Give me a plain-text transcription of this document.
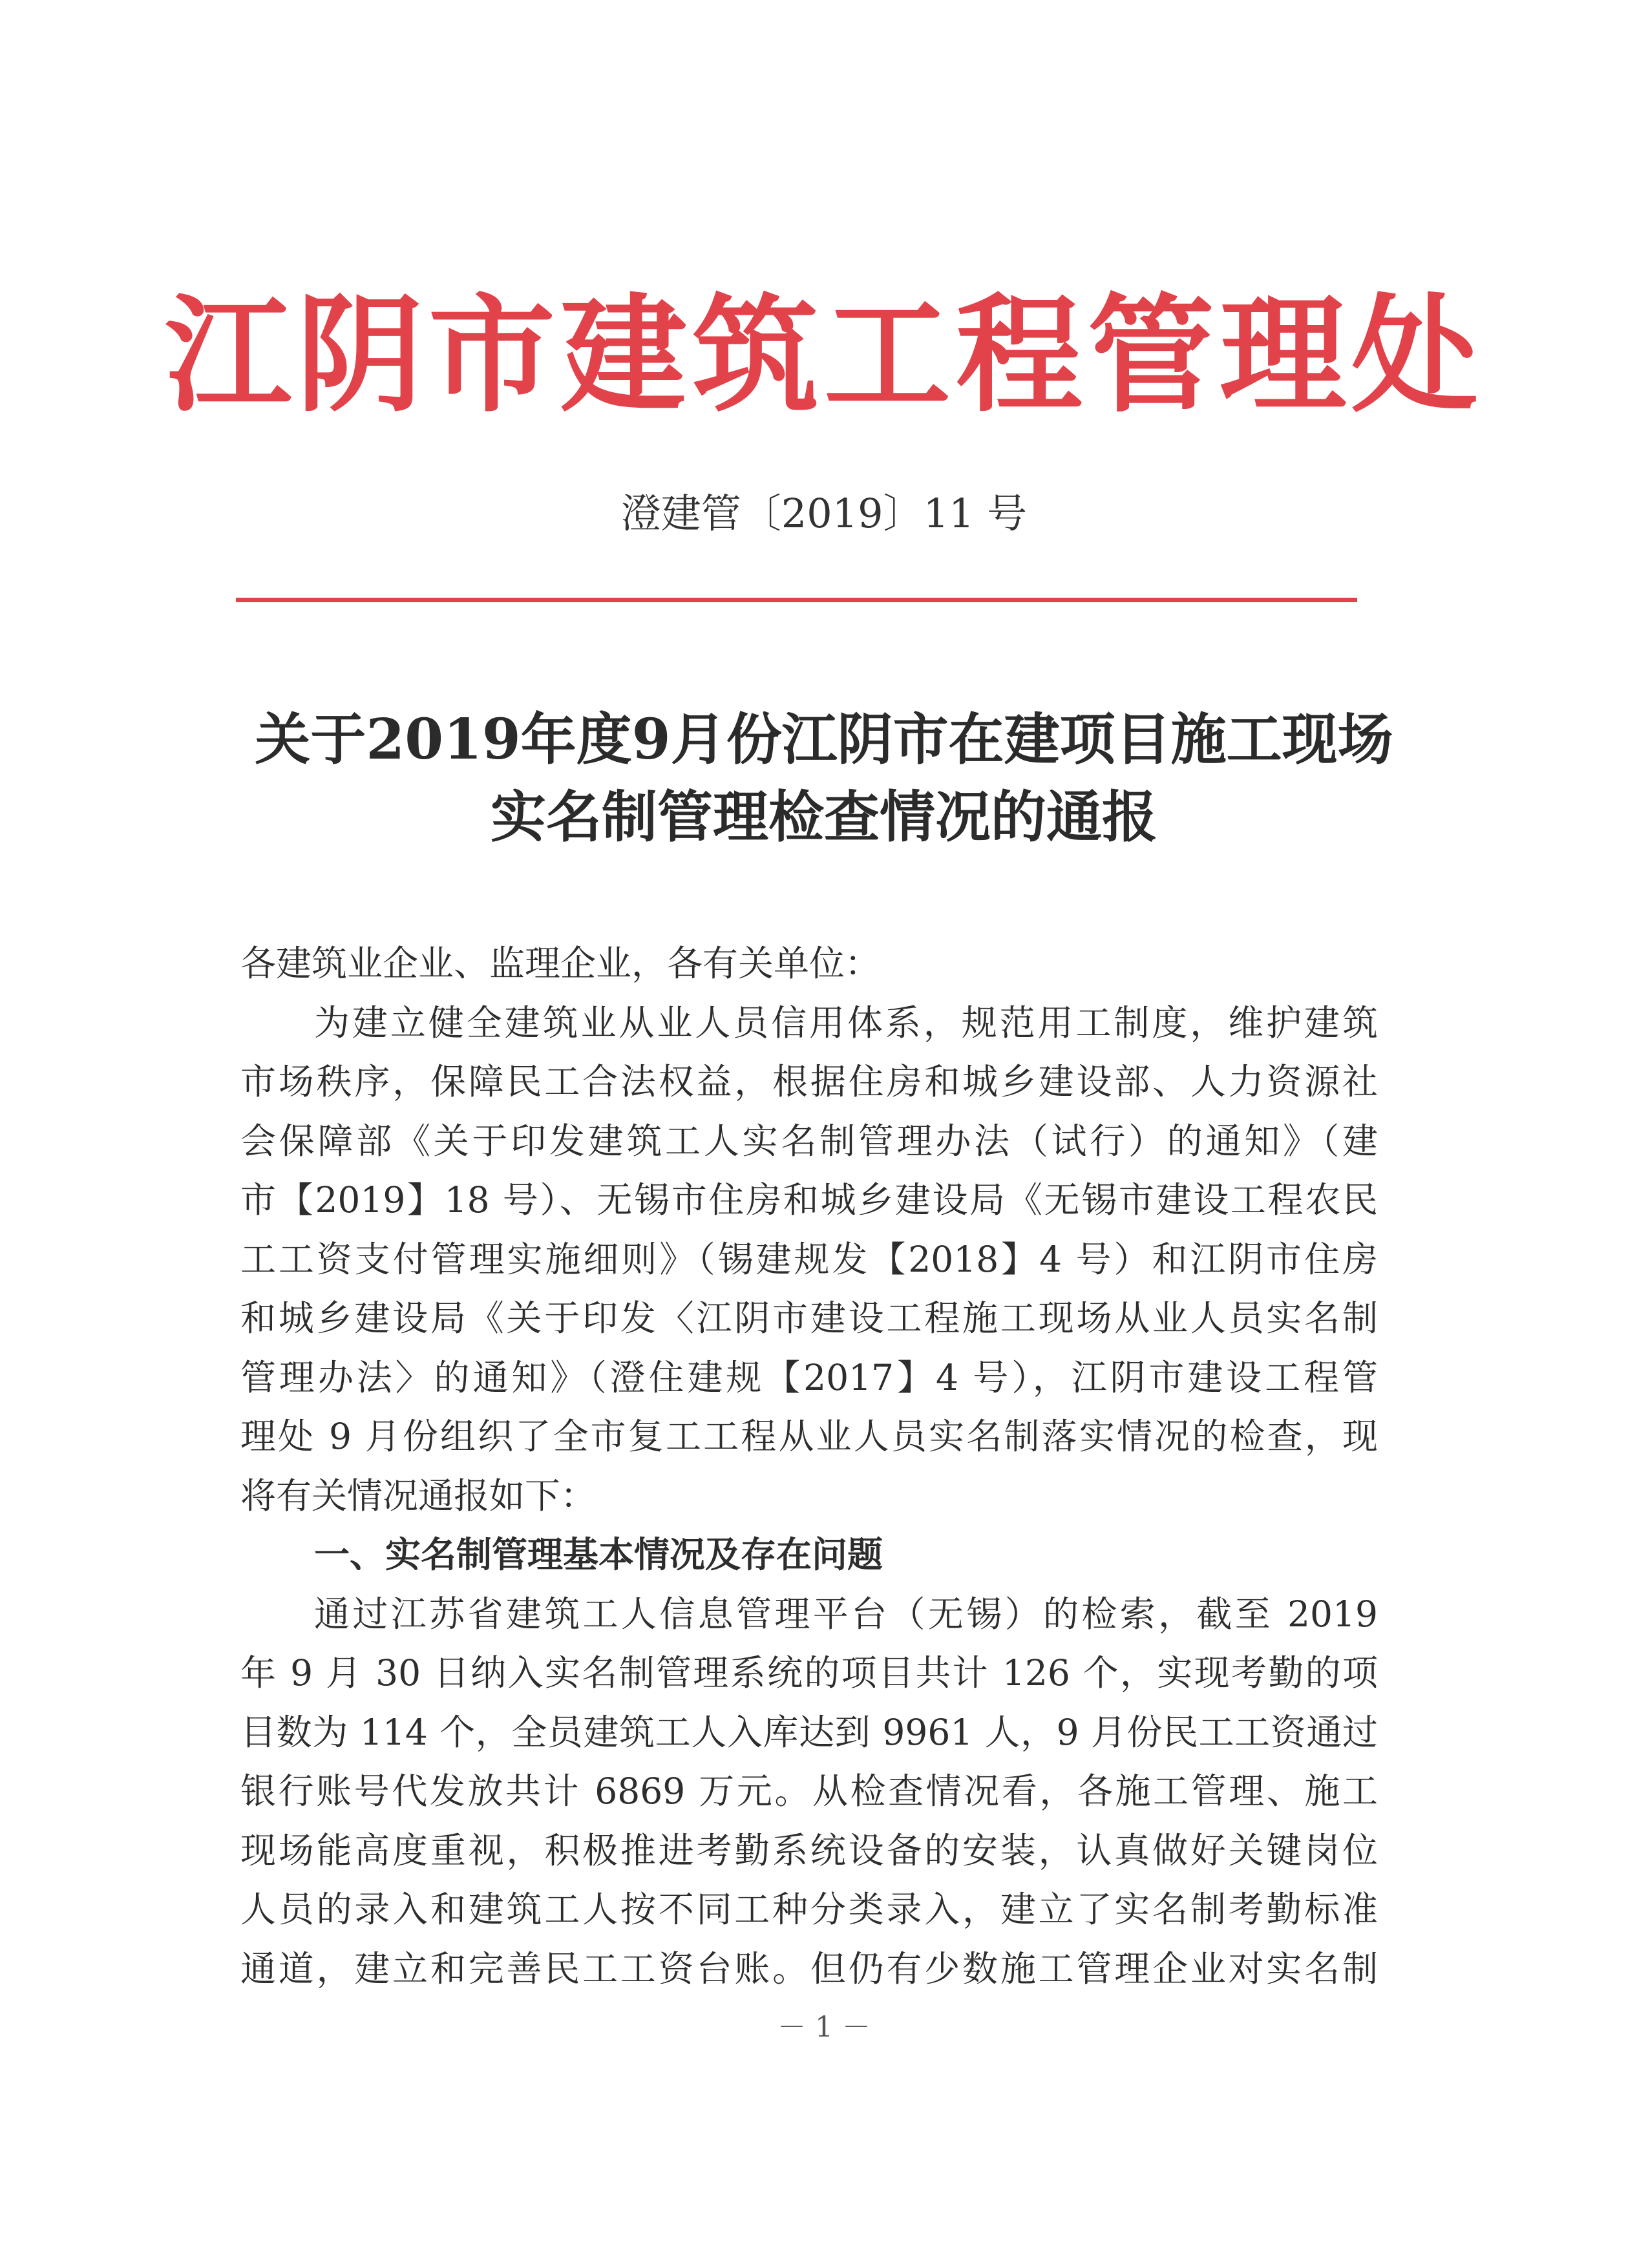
江阴市建筑工程管理处
澄建管〔2019〕11 号
关于2019年度9月份江阴市在建项目施工现场
实名制管理检查情况的通报
各建筑业企业、监理企业，各有关单位：
为建立健全建筑业从业人员信用体系，规范用工制度，维护建筑
市场秩序，保障民工合法权益，根据住房和城乡建设部、人力资源社
会保障部《关于印发建筑工人实名制管理办法（试行）的通知》（建
市【2019】18 号）、无锡市住房和城乡建设局《无锡市建设工程农民
工工资支付管理实施细则》（锡建规发【2018】4 号）和江阴市住房
和城乡建设局《关于印发〈江阴市建设工程施工现场从业人员实名制
管理办法〉的通知》（澄住建规【2017】4 号），江阴市建设工程管
理处 9 月份组织了全市复工工程从业人员实名制落实情况的检查，现
将有关情况通报如下：
一、实名制管理基本情况及存在问题
通过江苏省建筑工人信息管理平台（无锡）的检索，截至 2019
年 9 月 30 日纳入实名制管理系统的项目共计 126 个，实现考勤的项
目数为 114 个，全员建筑工人入库达到 9961 人，9 月份民工工资通过
银行账号代发放共计 6869 万元。从检查情况看，各施工管理、施工
现场能高度重视，积极推进考勤系统设备的安装，认真做好关键岗位
人员的录入和建筑工人按不同工种分类录入，建立了实名制考勤标准
通道，建立和完善民工工资台账。但仍有少数施工管理企业对实名制
－ 1 －
